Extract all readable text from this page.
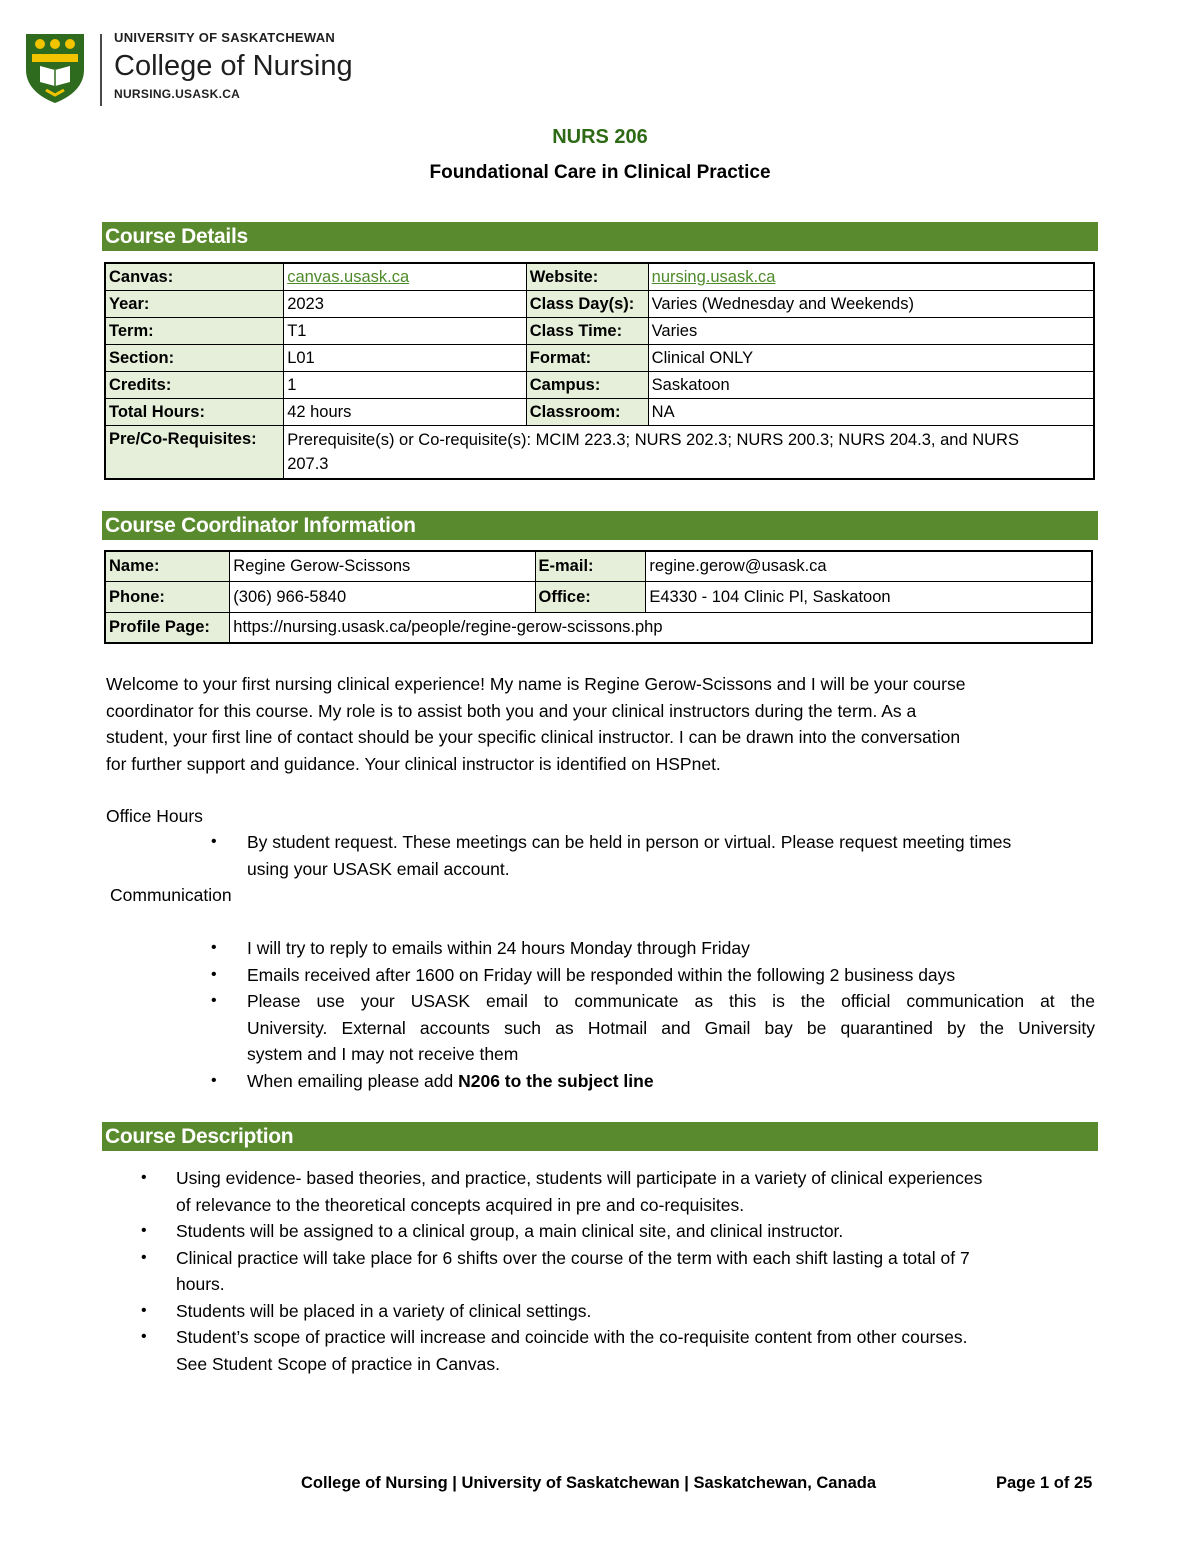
UNIVERSITY OF SASKATCHEWAN
College of Nursing
NURSING.USASK.CA
NURS 206
Foundational Care in Clinical Practice
Course Details
Canvas:	canvas.usask.ca	Website:	nursing.usask.ca
Year:	2023	Class Day(s):	Varies (Wednesday and Weekends)
Term:	T1	Class Time:	Varies
Section:	L01	Format:	Clinical ONLY
Credits:	1	Campus:	Saskatoon
Total Hours:	42 hours	Classroom:	NA
Pre/Co-Requisites:	Prerequisite(s) or Co-requisite(s): MCIM 223.3; NURS 202.3; NURS 200.3; NURS 204.3, and NURS
207.3		
Course Coordinator Information
Name:	Regine Gerow-Scissons	E-mail:	regine.gerow@usask.ca
Phone:	(306) 966-5840	Office:	E4330 - 104 Clinic Pl, Saskatoon
Profile Page:	https://nursing.usask.ca/people/regine-gerow-scissons.php		
Welcome to your first nursing clinical experience! My name is Regine Gerow-Scissons and I will be your course
coordinator for this course. My role is to assist both you and your clinical instructors during the term. As a
student, your first line of contact should be your specific clinical instructor. I can be drawn into the conversation
for further support and guidance. Your clinical instructor is identified on HSPnet.
Office Hours
• By student request. These meetings can be held in person or virtual. Please request meeting times
using your USASK email account.
Communication
• I will try to reply to emails within 24 hours Monday through Friday
• Emails received after 1600 on Friday will be responded within the following 2 business days
• Please use your USASK email to communicate as this is the official communication at the
University. External accounts such as Hotmail and Gmail bay be quarantined by the University
system and I may not receive them
• When emailing please add N206 to the subject line
Course Description
• Using evidence- based theories, and practice, students will participate in a variety of clinical experiences
of relevance to the theoretical concepts acquired in pre and co-requisites.
• Students will be assigned to a clinical group, a main clinical site, and clinical instructor.
• Clinical practice will take place for 6 shifts over the course of the term with each shift lasting a total of 7
hours.
• Students will be placed in a variety of clinical settings.
• Student’s scope of practice will increase and coincide with the co-requisite content from other courses.
See Student Scope of practice in Canvas.
College of Nursing | University of Saskatchewan | Saskatchewan, Canada	Page 1 of 25
